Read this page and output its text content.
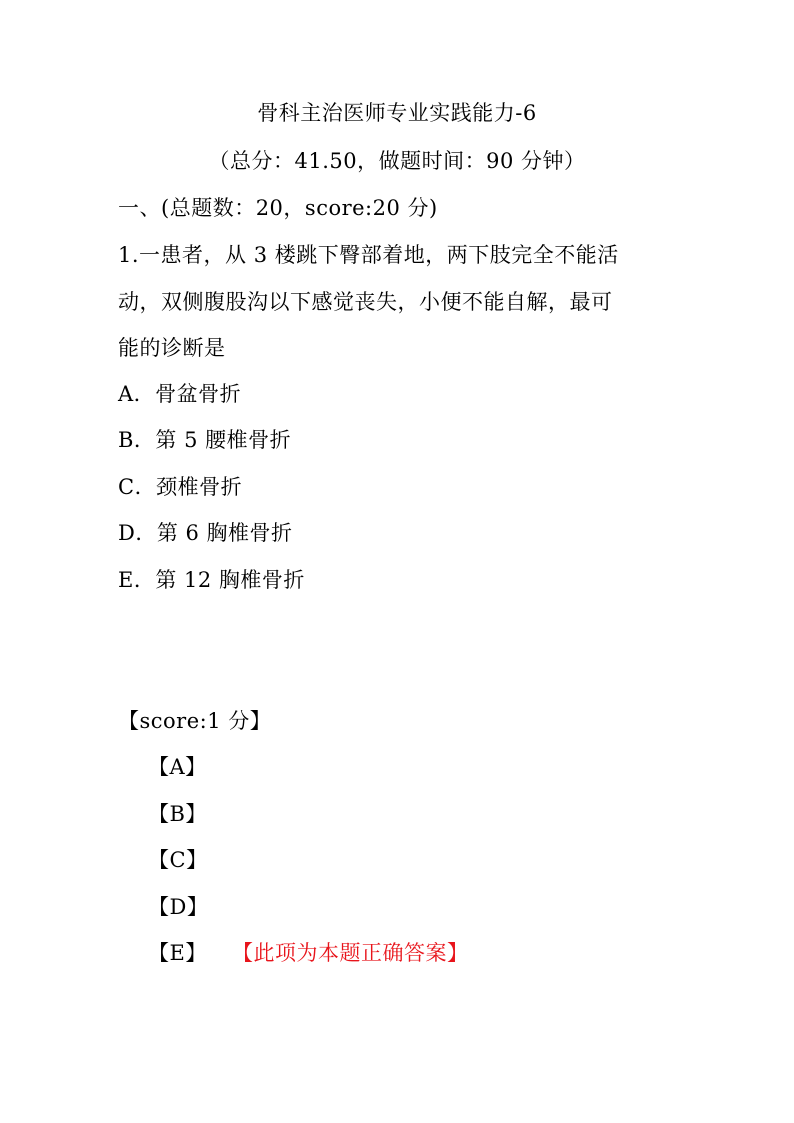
骨科主治医师专业实践能力-6
（总分：41.50，做题时间：90 分钟）
一、(总题数：20，score:20 分)
1.一患者，从 3 楼跳下臀部着地，两下肢完全不能活
动，双侧腹股沟以下感觉丧失，小便不能自解，最可
能的诊断是
A．骨盆骨折
B．第 5 腰椎骨折
C．颈椎骨折
D．第 6 胸椎骨折
E．第 12 胸椎骨折
【score:1 分】
【A】
【B】
【C】
【D】
【E】 【此项为本题正确答案】
